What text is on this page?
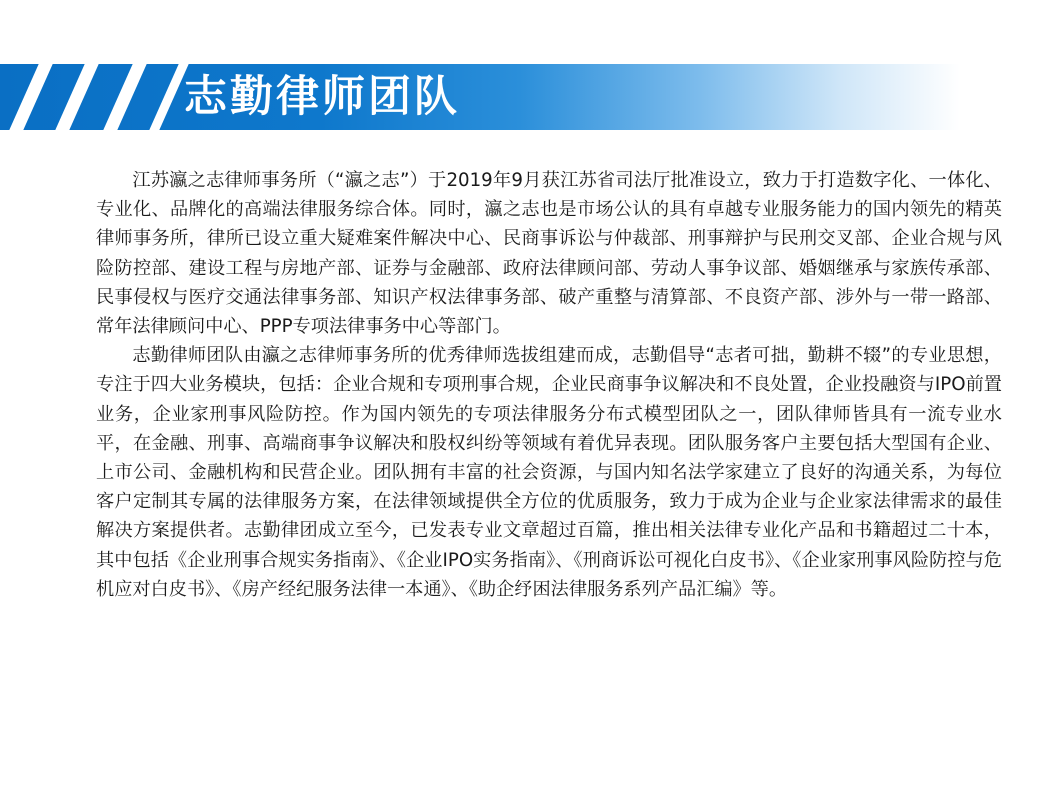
志勤律师团队

江苏瀛之志律师事务所（“瀛之志”）于2019年9月获江苏省司法厅批准设立，致力于打造数字化、一体化、专业化、品牌化的高端法律服务综合体。同时，瀛之志也是市场公认的具有卓越专业服务能力的国内领先的精英律师事务所，律所已设立重大疑难案件解决中心、民商事诉讼与仲裁部、刑事辩护与民刑交叉部、企业合规与风险防控部、建设工程与房地产部、证券与金融部、政府法律顾问部、劳动人事争议部、婚姻继承与家族传承部、民事侵权与医疗交通法律事务部、知识产权法律事务部、破产重整与清算部、不良资产部、涉外与一带一路部、常年法律顾问中心、PPP专项法律事务中心等部门。

志勤律师团队由瀛之志律师事务所的优秀律师选拔组建而成，志勤倡导“志者可拙，勤耕不辍”的专业思想，专注于四大业务模块，包括：企业合规和专项刑事合规，企业民商事争议解决和不良处置，企业投融资与IPO前置业务，企业家刑事风险防控。作为国内领先的专项法律服务分布式模型团队之一，团队律师皆具有一流专业水平，在金融、刑事、高端商事争议解决和股权纠纷等领域有着优异表现。团队服务客户主要包括大型国有企业、上市公司、金融机构和民营企业。团队拥有丰富的社会资源，与国内知名法学家建立了良好的沟通关系，为每位客户定制其专属的法律服务方案，在法律领域提供全方位的优质服务，致力于成为企业与企业家法律需求的最佳解决方案提供者。志勤律团成立至今，已发表专业文章超过百篇，推出相关法律专业化产品和书籍超过二十本，其中包括《企业刑事合规实务指南》、《企业IPO实务指南》、《刑商诉讼可视化白皮书》、《企业家刑事风险防控与危机应对白皮书》、《房产经纪服务法律一本通》、《助企纾困法律服务系列产品汇编》等。
